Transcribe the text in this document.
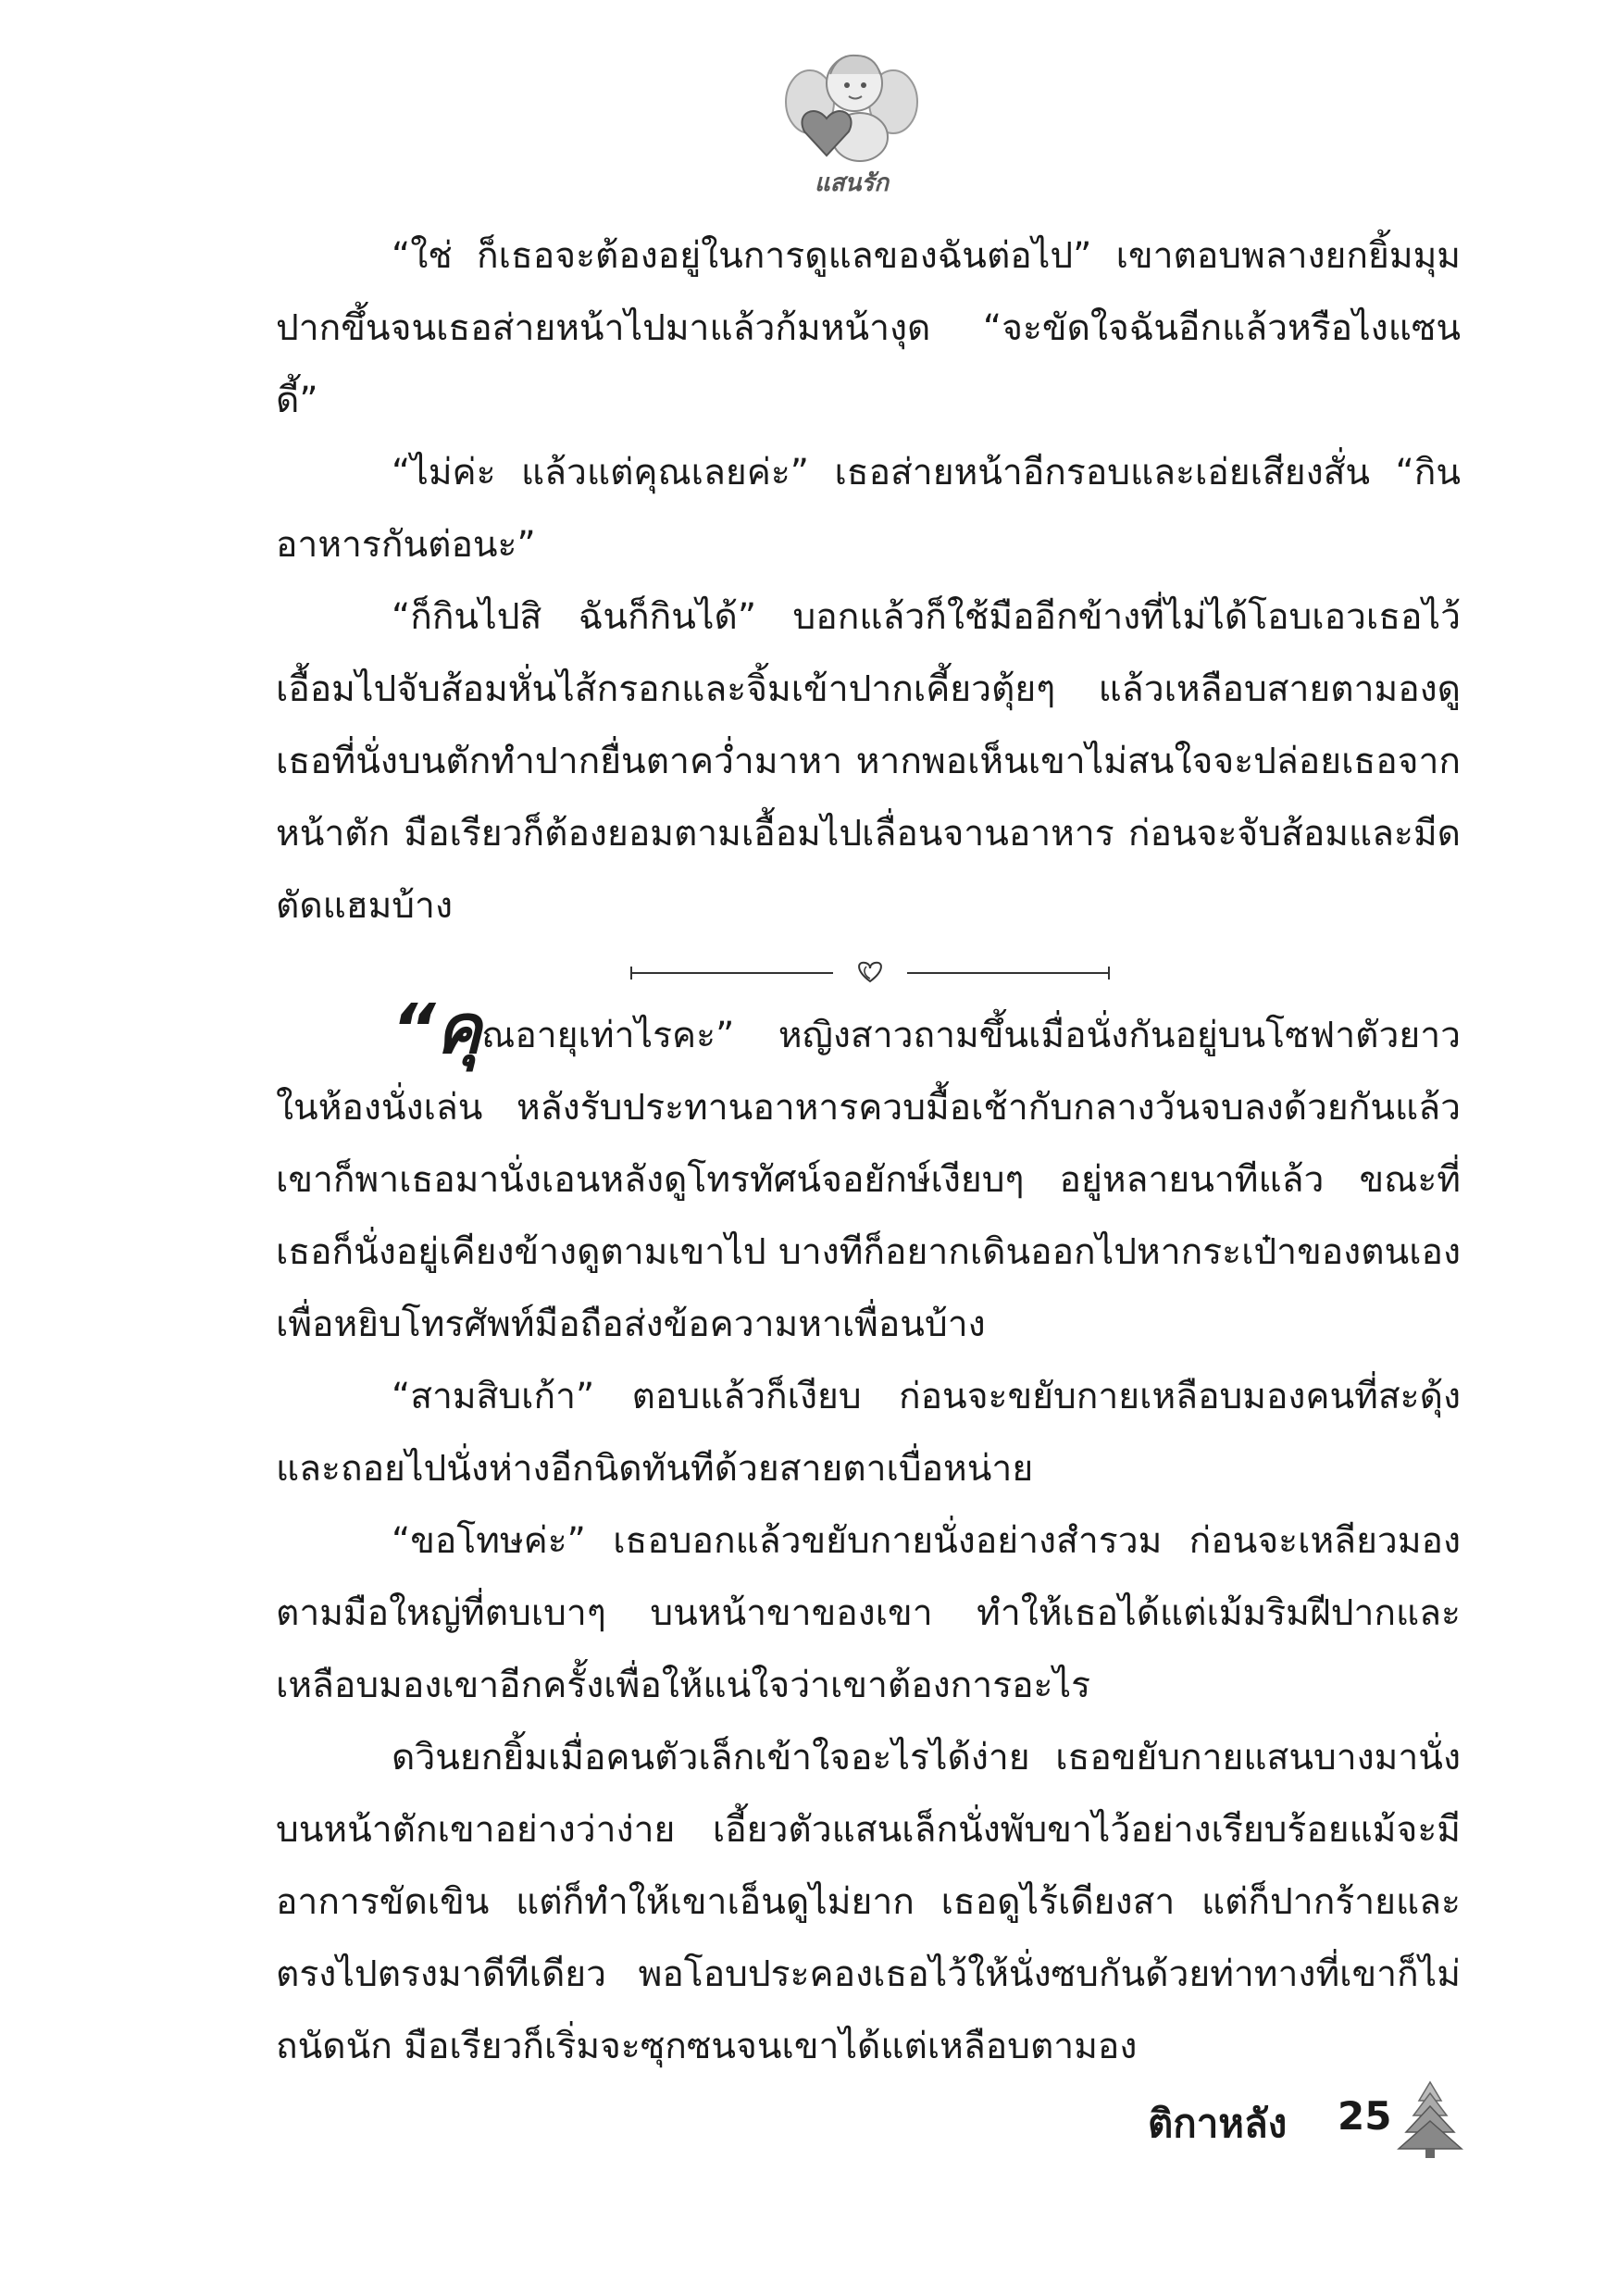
แสนรัก

“ใช่ ก็เธอจะต้องอยู่ในการดูแลของฉันต่อไป” เขาตอบพลางยกยิ้มมุมปากขึ้นจนเธอส่ายหน้าไปมาแล้วก้มหน้างุด “จะขัดใจฉันอีกแล้วหรือไงแซนดี้”

“ไม่ค่ะ แล้วแต่คุณเลยค่ะ” เธอส่ายหน้าอีกรอบและเอ่ยเสียงสั่น “กินอาหารกันต่อนะ”

“ก็กินไปสิ ฉันก็กินได้” บอกแล้วก็ใช้มืออีกข้างที่ไม่ได้โอบเอวเธอไว้เอื้อมไปจับส้อมหั่นไส้กรอกและจิ้มเข้าปากเคี้ยวตุ้ยๆ แล้วเหลือบสายตามองดูเธอที่นั่งบนตักทำปากยื่นตาคว่ำมาหา หากพอเห็นเขาไม่สนใจจะปล่อยเธอจากหน้าตัก มือเรียวก็ต้องยอมตามเอื้อมไปเลื่อนจานอาหาร ก่อนจะจับส้อมและมีดตัดแฮมบ้าง

“คุณอายุเท่าไรคะ” หญิงสาวถามขึ้นเมื่อนั่งกันอยู่บนโซฟาตัวยาวในห้องนั่งเล่น หลังรับประทานอาหารควบมื้อเช้ากับกลางวันจบลงด้วยกันแล้ว เขาก็พาเธอมานั่งเอนหลังดูโทรทัศน์จอยักษ์เงียบๆ อยู่หลายนาทีแล้ว ขณะที่เธอก็นั่งอยู่เคียงข้างดูตามเขาไป บางทีก็อยากเดินออกไปหากระเป๋าของตนเอง เพื่อหยิบโทรศัพท์มือถือส่งข้อความหาเพื่อนบ้าง

“สามสิบเก้า” ตอบแล้วก็เงียบ ก่อนจะขยับกายเหลือบมองคนที่สะดุ้งและถอยไปนั่งห่างอีกนิดทันทีด้วยสายตาเบื่อหน่าย

“ขอโทษค่ะ” เธอบอกแล้วขยับกายนั่งอย่างสำรวม ก่อนจะเหลียวมองตามมือใหญ่ที่ตบเบาๆ บนหน้าขาของเขา ทำให้เธอได้แต่เม้มริมฝีปากและเหลือบมองเขาอีกครั้งเพื่อให้แน่ใจว่าเขาต้องการอะไร

ดวินยกยิ้มเมื่อคนตัวเล็กเข้าใจอะไรได้ง่าย เธอขยับกายแสนบางมานั่งบนหน้าตักเขาอย่างว่าง่าย เอี้ยวตัวแสนเล็กนั่งพับขาไว้อย่างเรียบร้อยแม้จะมีอาการขัดเขิน แต่ก็ทำให้เขาเอ็นดูไม่ยาก เธอดูไร้เดียงสา แต่ก็ปากร้ายและตรงไปตรงมาดีทีเดียว พอโอบประคองเธอไว้ให้นั่งซบกันด้วยท่าทางที่เขาก็ไม่ถนัดนัก มือเรียวก็เริ่มจะซุกซนจนเขาได้แต่เหลือบตามอง

ติกาหลัง 25
